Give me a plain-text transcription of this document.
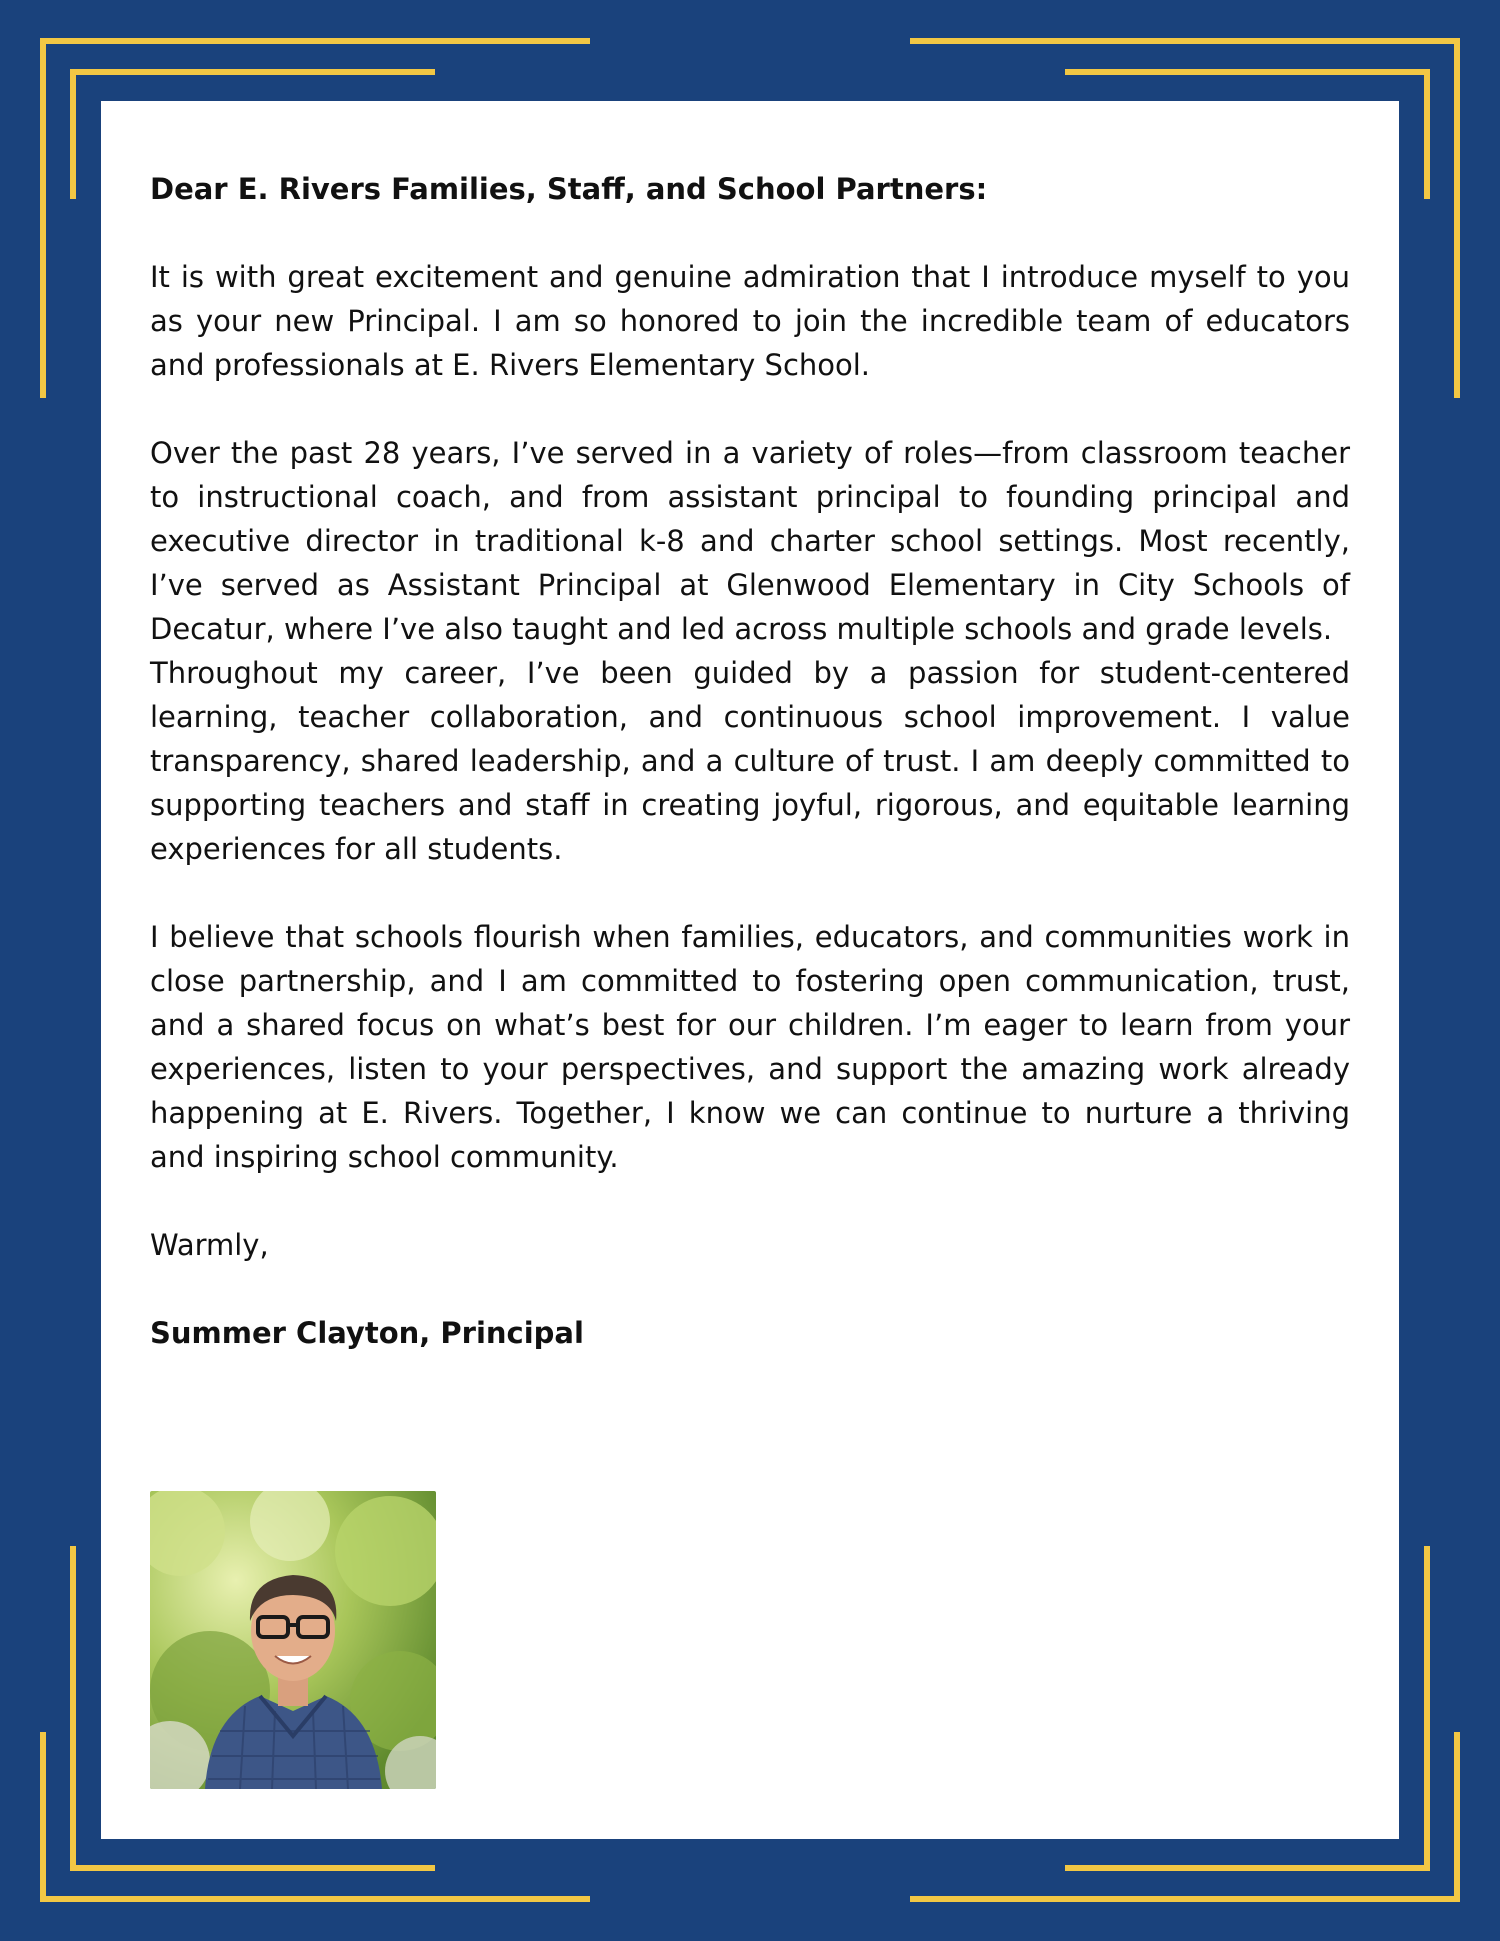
Dear E. Rivers Families, Staff, and School Partners:

It is with great excitement and genuine admiration that I introduce myself to you as your new Principal. I am so honored to join the incredible team of educators and professionals at E. Rivers Elementary School.

Over the past 28 years, I’ve served in a variety of roles—from classroom teacher to instructional coach, and from assistant principal to founding principal and executive director in traditional k-8 and charter school settings. Most recently, I’ve served as Assistant Principal at Glenwood Elementary in City Schools of Decatur, where I’ve also taught and led across multiple schools and grade levels.

Throughout my career, I’ve been guided by a passion for student-centered learning, teacher collaboration, and continuous school improvement. I value transparency, shared leadership, and a culture of trust. I am deeply committed to supporting teachers and staff in creating joyful, rigorous, and equitable learning experiences for all students.

I believe that schools flourish when families, educators, and communities work in close partnership, and I am committed to fostering open communication, trust, and a shared focus on what’s best for our children. I’m eager to learn from your experiences, listen to your perspectives, and support the amazing work already happening at E. Rivers. Together, I know we can continue to nurture a thriving and inspiring school community.

Warmly,

Summer Clayton, Principal
